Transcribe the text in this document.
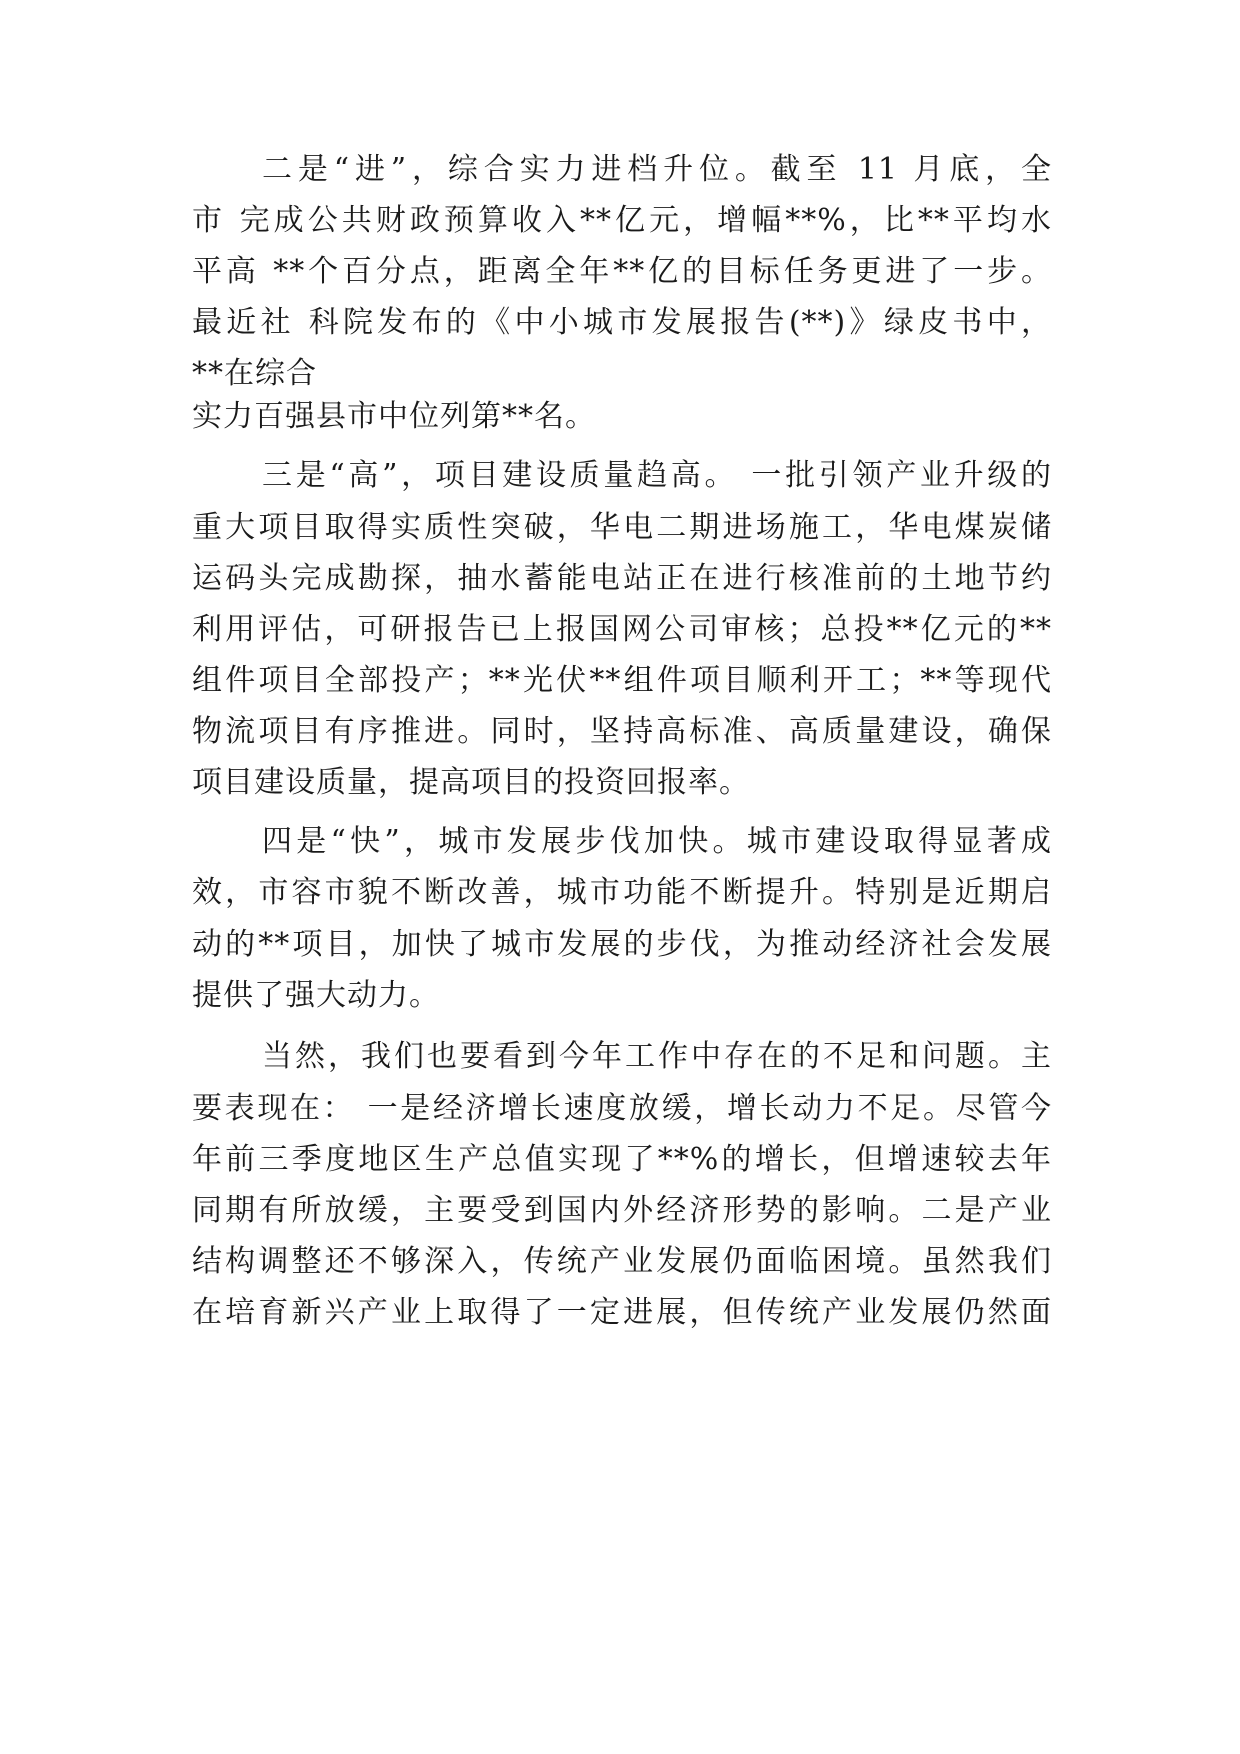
二是“进”，综合实力进档升位。截至 11 月底，全
市 完成公共财政预算收入**亿元，增幅**%，比**平均水
平高 **个百分点，距离全年**亿的目标任务更进了一步。
最近社 科院发布的《中小城市发展报告(**)》绿皮书中，
**在综合
实力百强县市中位列第**名。
三是“高”，项目建设质量趋高。 一批引领产业升级的
重大项目取得实质性突破，华电二期进场施工，华电煤炭储
运码头完成勘探，抽水蓄能电站正在进行核准前的土地节约
利用评估，可研报告已上报国网公司审核；总投**亿元的**
组件项目全部投产；**光伏**组件项目顺利开工；**等现代
物流项目有序推进。同时，坚持高标准、高质量建设，确保
项目建设质量，提高项目的投资回报率。
四是“快”，城市发展步伐加快。城市建设取得显著成
效，市容市貌不断改善，城市功能不断提升。特别是近期启
动的**项目，加快了城市发展的步伐，为推动经济社会发展
提供了强大动力。
当然，我们也要看到今年工作中存在的不足和问题。主
要表现在： 一是经济增长速度放缓，增长动力不足。尽管今
年前三季度地区生产总值实现了**%的增长，但增速较去年
同期有所放缓，主要受到国内外经济形势的影响。二是产业
结构调整还不够深入，传统产业发展仍面临困境。虽然我们
在培育新兴产业上取得了一定进展，但传统产业发展仍然面
